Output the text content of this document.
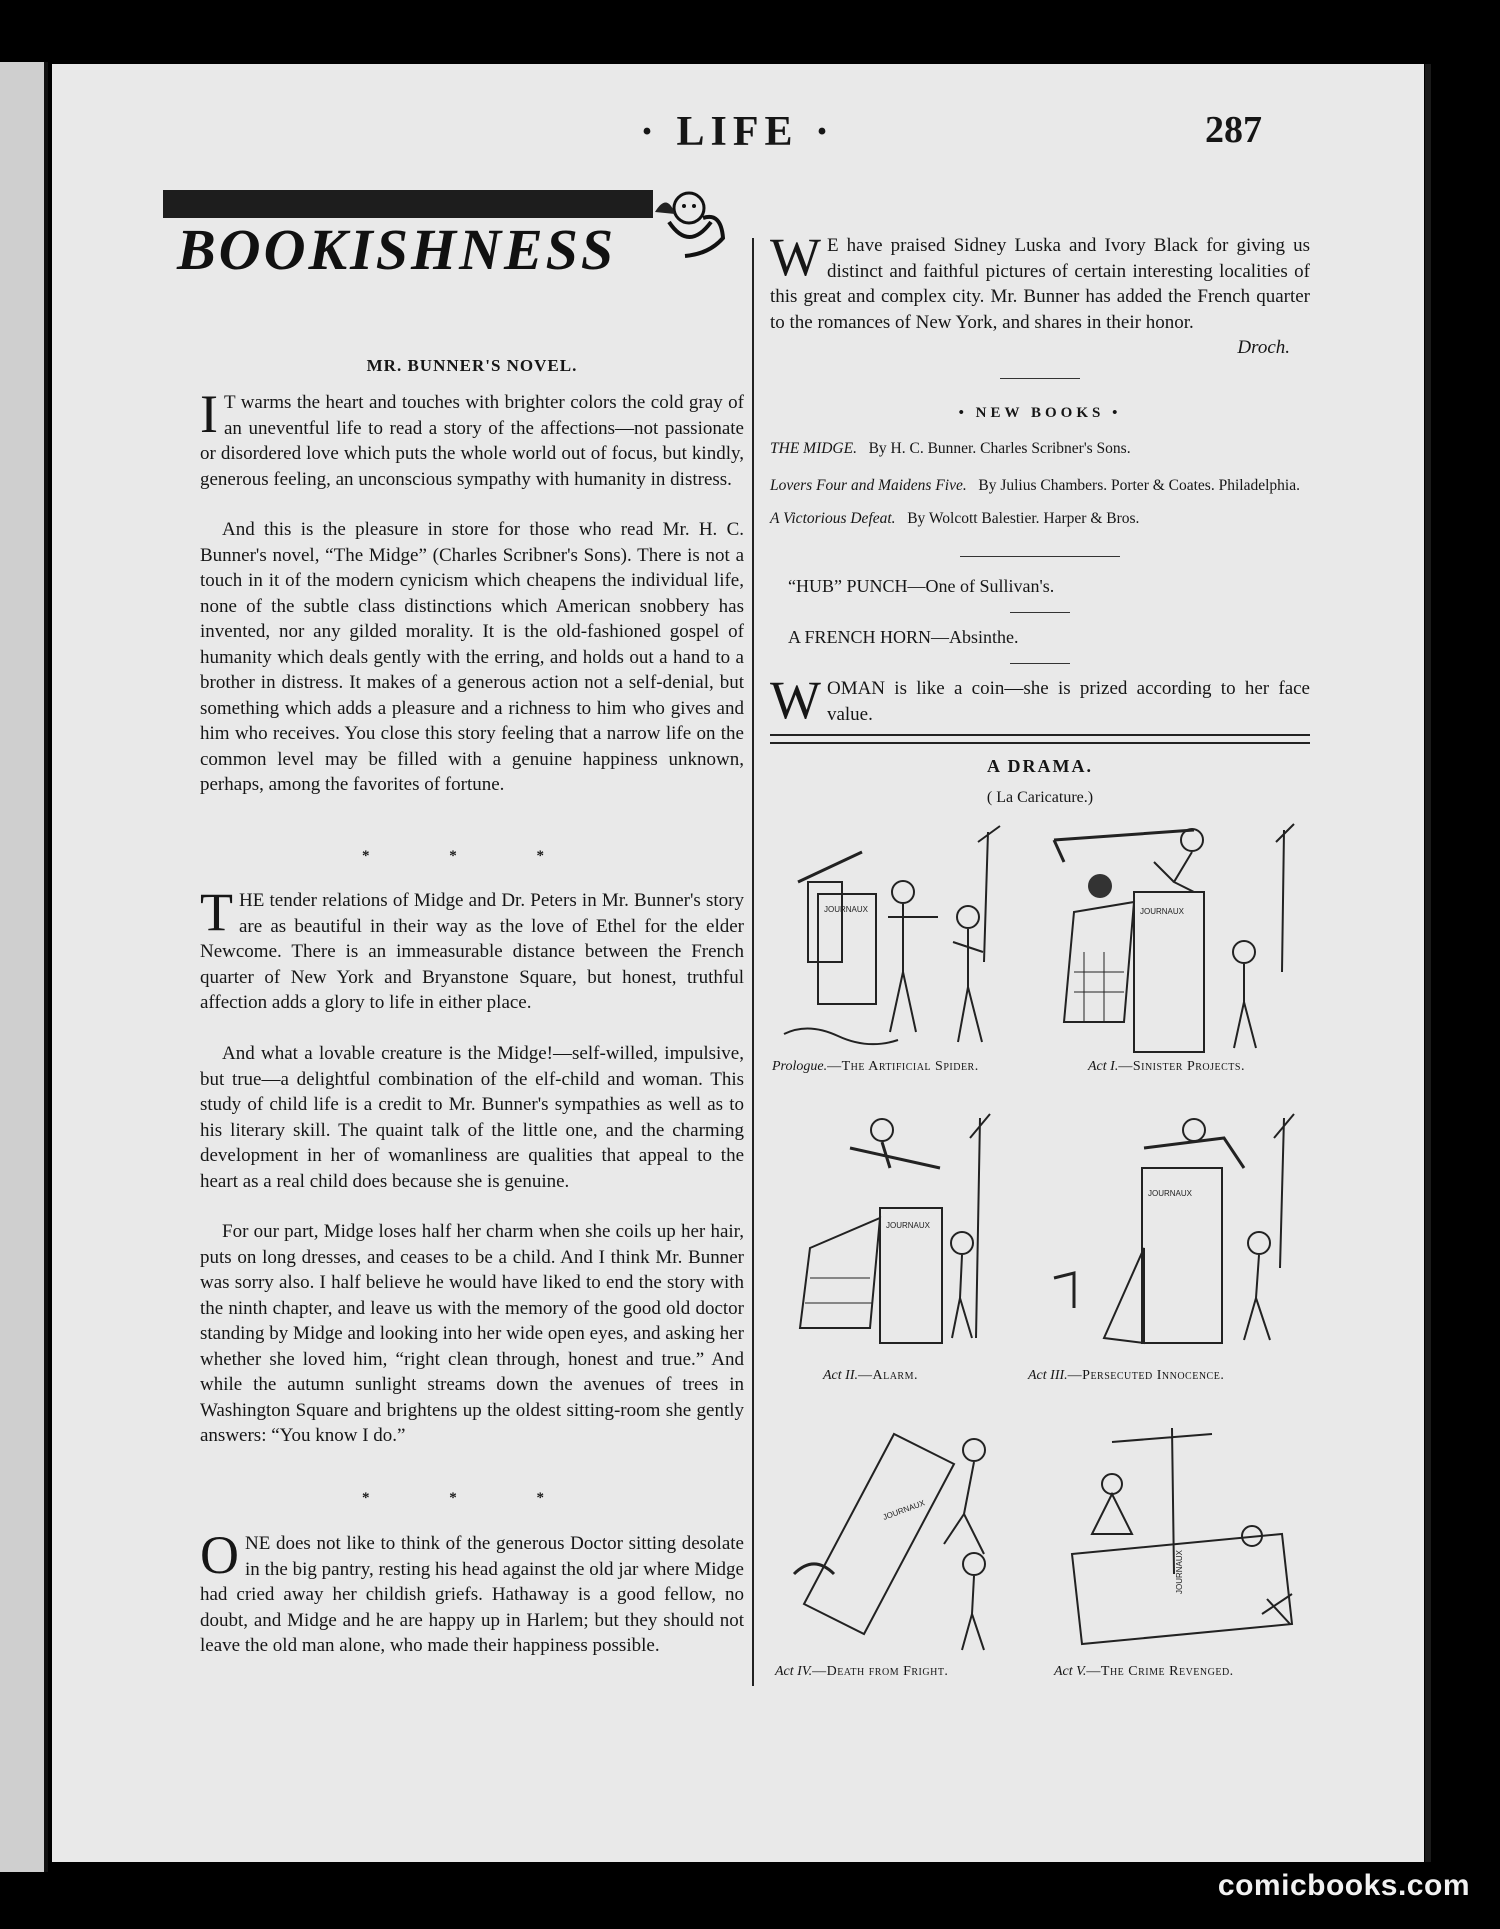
· LIFE ·	287
BOOKISHNESS
MR. BUNNER'S NOVEL.

I T warms the heart and touches with brighter colors the cold gray of an uneventful life to read a story of the affections—not passionate or disordered love which puts the whole world out of focus, but kindly, generous feeling, an unconscious sympathy with humanity in distress.

And this is the pleasure in store for those who read Mr. H. C. Bunner's novel, “The Midge” (Charles Scribner's Sons). There is not a touch in it of the modern cynicism which cheapens the individual life, none of the subtle class distinctions which American snobbery has invented, nor any gilded morality. It is the old-fashioned gospel of humanity which deals gently with the erring, and holds out a hand to a brother in distress. It makes of a generous action not a self-denial, but something which adds a pleasure and a richness to him who gives and him who receives. You close this story feeling that a narrow life on the common level may be filled with a genuine happiness unknown, perhaps, among the favorites of fortune.

* * *

THE tender relations of Midge and Dr. Peters in Mr. Bunner's story are as beautiful in their way as the love of Ethel for the elder Newcome. There is an immeasurable distance between the French quarter of New York and Bryanstone Square, but honest, truthful affection adds a glory to life in either place.

And what a lovable creature is the Midge!—self-willed, impulsive, but true—a delightful combination of the elf-child and woman. This study of child life is a credit to Mr. Bunner's sympathies as well as to his literary skill. The quaint talk of the little one, and the charming development in her of womanliness are qualities that appeal to the heart as a real child does because she is genuine.

For our part, Midge loses half her charm when she coils up her hair, puts on long dresses, and ceases to be a child. And I think Mr. Bunner was sorry also. I half believe he would have liked to end the story with the ninth chapter, and leave us with the memory of the good old doctor standing by Midge and looking into her wide open eyes, and asking her whether she loved him, “right clean through, honest and true.” And while the autumn sunlight streams down the avenues of trees in Washington Square and brightens up the oldest sitting-room she gently answers: “You know I do.”

* * *

ONE does not like to think of the generous Doctor sitting desolate in the big pantry, resting his head against the old jar where Midge had cried away her childish griefs. Hathaway is a good fellow, no doubt, and Midge and he are happy up in Harlem; but they should not leave the old man alone, who made their happiness possible.

W E have praised Sidney Luska and Ivory Black for giving us distinct and faithful pictures of certain interesting localities of this great and complex city. Mr. Bunner has added the French quarter to the romances of New York, and shares in their honor.

Droch.
• NEW BOOKS •

THE MIDGE. By H. C. Bunner. Charles Scribner's Sons.

Lovers Four and Maidens Five. By Julius Chambers. Porter & Coates. Philadelphia.

A Victorious Defeat. By Wolcott Balestier. Harper & Bros.

“HUB” PUNCH—One of Sullivan's.
A FRENCH HORN—Absinthe.

WOMAN is like a coin—she is prized according to her face value.

A DRAMA.
( La Caricature.)
JOURNAUX	JOURNAUX
JOURNAUX
JOURNAUX
JOURNAUX
JOURNAUX
Prologue.—The Artificial Spider.	Act I.—Sinister Projects.
Act II.—Alarm.	Act III.—Persecuted Innocence.
Act IV.—Death from Fright.	Act V.—The Crime Revenged.
comicbooks.com
